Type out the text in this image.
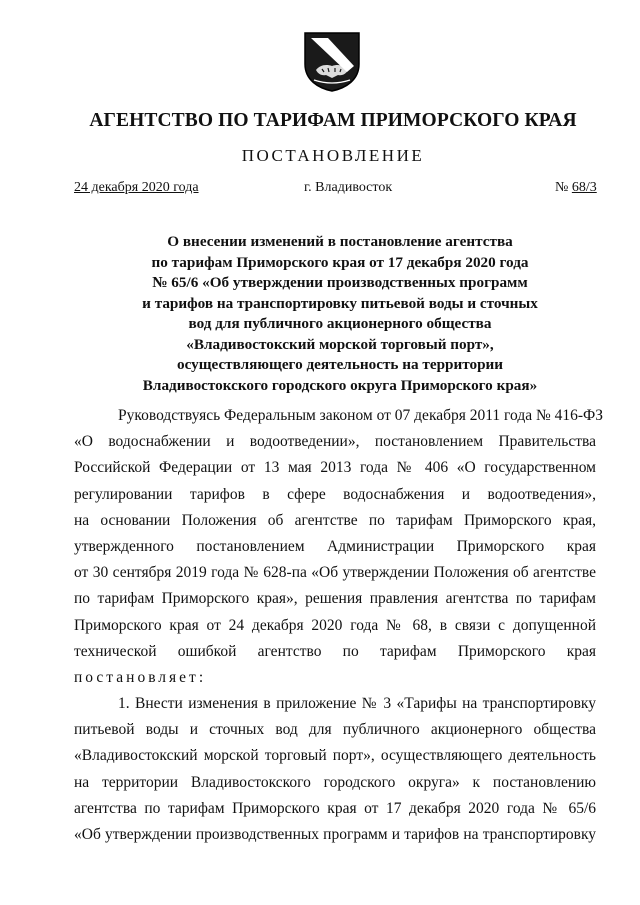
АГЕНТСТВО ПО ТАРИФАМ ПРИМОРСКОГО КРАЯ
ПОСТАНОВЛЕНИЕ
24 декабря 2020 года	г. Владивосток	№ 68/3
О внесении изменений в постановление агентства
по тарифам Приморского края от 17 декабря 2020 года
№ 65/6 «Об утверждении производственных программ
и тарифов на транспортировку питьевой воды и сточных
вод для публичного акционерного общества
«Владивостокский морской торговый порт»,
осуществляющего деятельность на территории
Владивостокского городского округа Приморского края»
Руководствуясь Федеральным законом от 07 декабря 2011 года № 416-ФЗ
«О водоснабжении и водоотведении», постановлением Правительства
Российской Федерации от 13 мая 2013 года № 406 «О государственном
регулировании тарифов в сфере водоснабжения и водоотведения»,
на основании Положения об агентстве по тарифам Приморского края,
утвержденного постановлением Администрации Приморского края
от 30 сентября 2019 года № 628-па «Об утверждении Положения об агентстве
по тарифам Приморского края», решения правления агентства по тарифам
Приморского края от 24 декабря 2020 года № 68, в связи с допущенной
технической ошибкой агентство по тарифам Приморского края
постановляет:
1. Внести изменения в приложение № 3 «Тарифы на транспортировку
питьевой воды и сточных вод для публичного акционерного общества
«Владивостокский морской торговый порт», осуществляющего деятельность
на территории Владивостокского городского округа» к постановлению
агентства по тарифам Приморского края от 17 декабря 2020 года № 65/6
«Об утверждении производственных программ и тарифов на транспортировку
